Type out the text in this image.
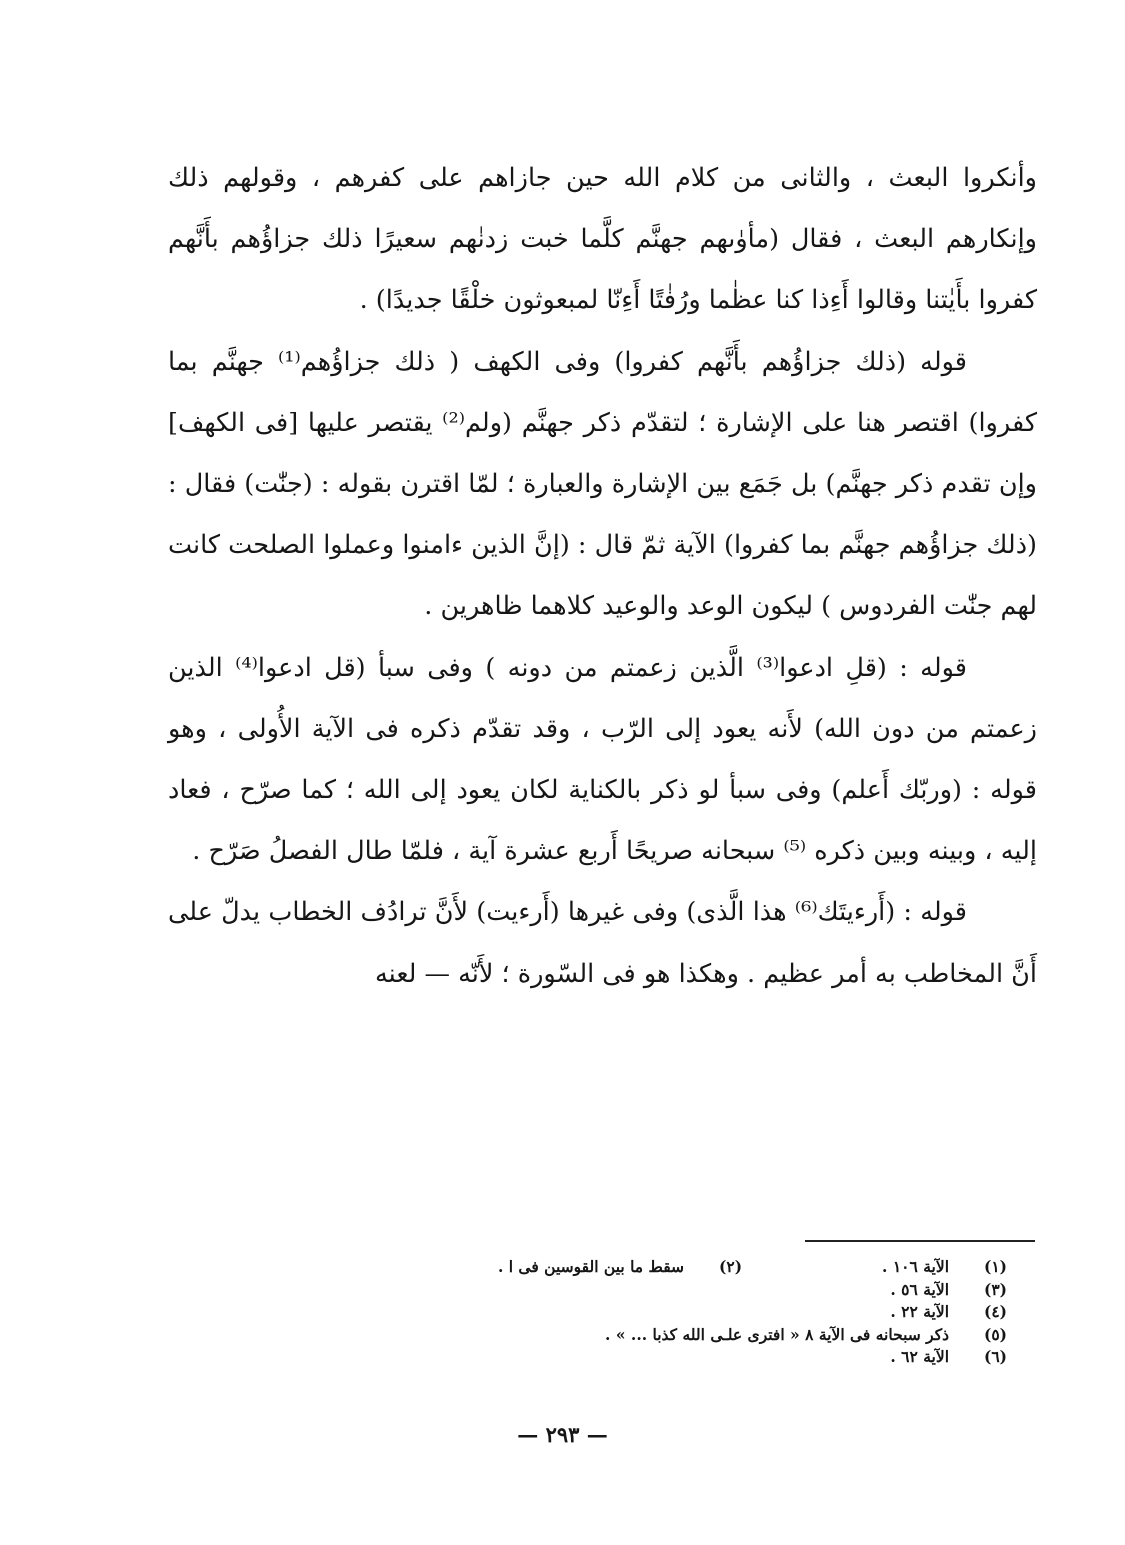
وأنكروا البعث ، والثانى من كلام الله حين جازاهم على كفرهم ، وقولهم ذلك وإنكارهم البعث ، فقال (مأوٰىهم جهنَّم كلَّما خبت زدنٰهم سعيرًا ذلك جزاؤُهم بأَنَّهم كفروا بأَيٰتنا وقالوا أَءِذا كنا عظٰما ورُفٰتًا أَءِنّا لمبعوثون خلْقًا جديدًا) .

قوله (ذلك جزاؤُهم بأَنَّهم كفروا) وفى الكهف ( ذلك جزاؤُهم⁽¹⁾ جهنَّم بما كفروا) اقتصر هنا على الإشارة ؛ لتقدّم ذكر جهنَّم (ولم⁽²⁾ يقتصر عليها [فى الكهف] وإن تقدم ذكر جهنَّم) بل جَمَع بين الإشارة والعبارة ؛ لمّا اقترن بقوله : (جنّٰت) فقال : (ذلك جزاؤُهم جهنَّم بما كفروا) الآية ثمّ قال : (إنَّ الذين ءامنوا وعملوا الصلحت كانت لهم جنّٰت الفردوس ) ليكون الوعد والوعيد كلاهما ظاهرين .

قوله : (قلِ ادعوا⁽³⁾ الَّذين زعمتم من دونه ) وفى سبأ (قل ادعوا⁽⁴⁾ الذين زعمتم من دون الله) لأَنه يعود إلى الرّب ، وقد تقدّم ذكره فى الآية الأُولى ، وهو قوله : (وربّك أَعلم) وفى سبأ لو ذكر بالكناية لكان يعود إلى الله ؛ كما صرّح ، فعاد إليه ، وبينه وبين ذكره ⁽⁵⁾ سبحانه صريحًا أَربع عشرة آية ، فلمّا طال الفصلُ صَرّح .

قوله : (أَرءيتَك⁽⁶⁾ هذا الَّذى) وفى غيرها (أَرءيت) لأَنَّ ترادُف الخطاب يدلّ على أَنَّ المخاطب به أمر عظيم . وهكذا هو فى السّورة ؛ لأَنّه — لعنه

(١)
الآية ١٠٦ .
(٢)
سقط ما بين القوسين فى ا .
(٣)
الآية ٥٦ .
(٤)
الآية ٢٢ .
(٥)
ذكر سبحانه فى الآية ٨ « افترى علـى الله كذبا ... » .
(٦)
الآية ٦٢ .
— ٢٩٣ —
